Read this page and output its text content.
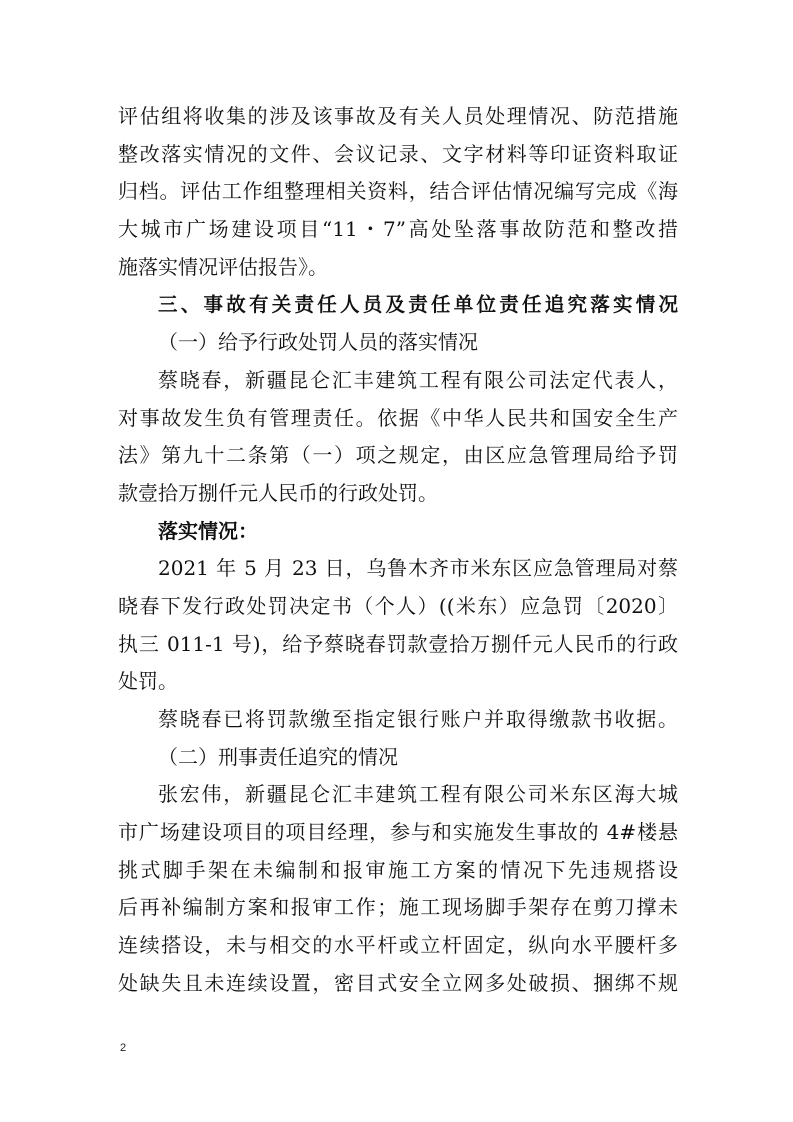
评估组将收集的涉及该事故及有关人员处理情况、防范措施
整改落实情况的文件、会议记录、文字材料等印证资料取证
归档。评估工作组整理相关资料，结合评估情况编写完成《海
大城市广场建设项目“11・7”高处坠落事故防范和整改措
施落实情况评估报告》。
三、事故有关责任人员及责任单位责任追究落实情况
（一）给予行政处罚人员的落实情况
蔡晓春，新疆昆仑汇丰建筑工程有限公司法定代表人，
对事故发生负有管理责任。依据《中华人民共和国安全生产
法》第九十二条第（一）项之规定，由区应急管理局给予罚
款壹拾万捌仟元人民币的行政处罚。
落实情况：
2021 年 5 月 23 日，乌鲁木齐市米东区应急管理局对蔡
晓春下发行政处罚决定书（个人）((米东）应急罚〔2020〕
执三 011-1 号)，给予蔡晓春罚款壹拾万捌仟元人民币的行政
处罚。
蔡晓春已将罚款缴至指定银行账户并取得缴款书收据。
（二）刑事责任追究的情况
张宏伟，新疆昆仑汇丰建筑工程有限公司米东区海大城
市广场建设项目的项目经理，参与和实施发生事故的 4#楼悬
挑式脚手架在未编制和报审施工方案的情况下先违规搭设
后再补编制方案和报审工作；施工现场脚手架存在剪刀撑未
连续搭设，未与相交的水平杆或立杆固定，纵向水平腰杆多
处缺失且未连续设置，密目式安全立网多处破损、捆绑不规
2
